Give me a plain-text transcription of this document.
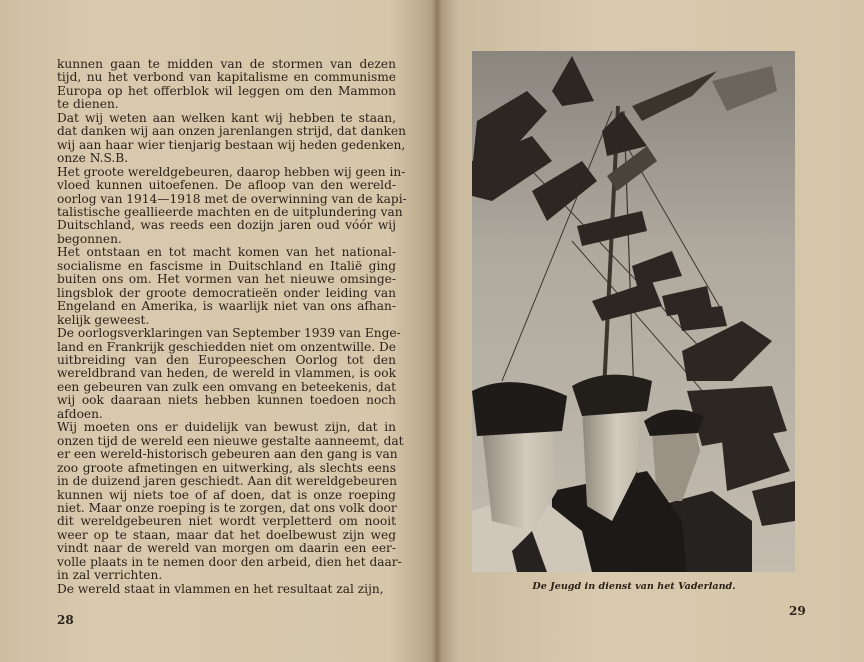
kunnen gaan te midden van de stormen van dezen
tijd, nu het verbond van kapitalisme en communisme
Europa op het offerblok wil leggen om den Mammon
te dienen.
Dat wij weten aan welken kant wij hebben te staan,
dat danken wij aan onzen jarenlangen strijd, dat danken
wij aan haar wier tienjarig bestaan wij heden gedenken,
onze N.S.B.
Het groote wereldgebeuren, daarop hebben wij geen in-
vloed kunnen uitoefenen. De afloop van den wereld-
oorlog van 1914—1918 met de overwinning van de kapi-
talistische geallieerde machten en de uitplundering van
Duitschland, was reeds een dozijn jaren oud vóór wij
begonnen.
Het ontstaan en tot macht komen van het national-
socialisme en fascisme in Duitschland en Italië ging
buiten ons om. Het vormen van het nieuwe omsinge-
lingsblok der groote democratieën onder leiding van
Engeland en Amerika, is waarlijk niet van ons afhan-
kelijk geweest.
De oorlogsverklaringen van September 1939 van Enge-
land en Frankrijk geschiedden niet om onzentwille. De
uitbreiding van den Europeeschen Oorlog tot den
wereldbrand van heden, de wereld in vlammen, is ook
een gebeuren van zulk een omvang en beteekenis, dat
wij ook daaraan niets hebben kunnen toedoen noch
afdoen.
Wij moeten ons er duidelijk van bewust zijn, dat in
onzen tijd de wereld een nieuwe gestalte aanneemt, dat
er een wereld-historisch gebeuren aan den gang is van
zoo groote afmetingen en uitwerking, als slechts eens
in de duizend jaren geschiedt. Aan dit wereldgebeuren
kunnen wij niets toe of af doen, dat is onze roeping
niet. Maar onze roeping is te zorgen, dat ons volk door
dit wereldgebeuren niet wordt verpletterd om nooit
weer op te staan, maar dat het doelbewust zijn weg
vindt naar de wereld van morgen om daarin een eer-
volle plaats in te nemen door den arbeid, dien het daar-
in zal verrichten.
De wereld staat in vlammen en het resultaat zal zijn,
28
De Jeugd in dienst van het Vaderland.
29
